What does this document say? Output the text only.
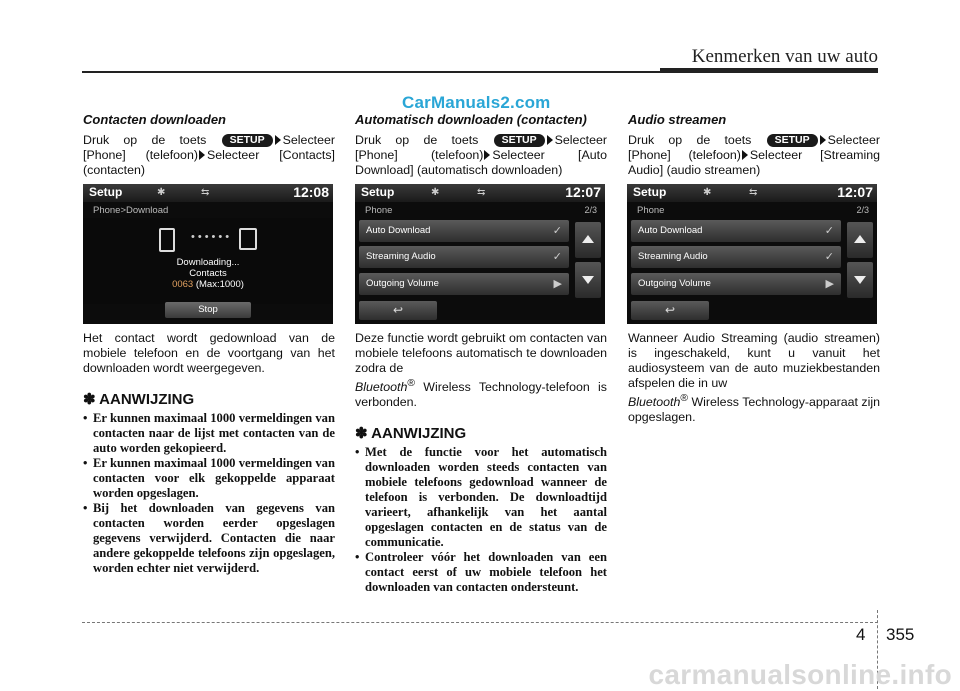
Kenmerken van uw auto
CarManuals2.com
Contacten downloaden
Druk op de toets SETUP Selecteer [Phone] (telefoon) Selecteer [Contacts] (contacten)
Setup	✱	⇆	12:08
Phone>Download
••••••
Downloading...
Contacts
0063 (Max:1000)
Stop
Het contact wordt gedownload van de mobiele telefoon en de voortgang van het downloaden wordt weergegeven.
✽ AANWIJZING
• Er kunnen maximaal 1000 vermeldingen van contacten naar de lijst met contacten van de auto worden gekopieerd.
• Er kunnen maximaal 1000 vermeldingen van contacten voor elk gekoppelde apparaat worden opgeslagen.
• Bij het downloaden van gegevens van contacten worden eerder opgeslagen gegevens verwijderd. Contacten die naar andere gekoppelde telefoons zijn opgeslagen, worden echter niet verwijderd.
Automatisch downloaden (contacten)
Druk op de toets SETUP Selecteer [Phone] (telefoon) Selecteer [Auto Download] (automatisch downloaden)
Setup	✱	⇆	12:07
Phone	2/3
Auto Download	✓
Streaming Audio	✓
Outgoing Volume	▶
↩
Deze functie wordt gebruikt om contacten van mobiele telefoons automatisch te downloaden zodra de
Bluetooth® Wireless Technology-telefoon is verbonden.
✽ AANWIJZING
• Met de functie voor het automatisch downloaden worden steeds contacten van mobiele telefoons gedownload wanneer de telefoon is verbonden. De downloadtijd varieert, afhankelijk van het aantal opgeslagen contacten en de status van de communicatie.
• Controleer vóór het downloaden van een contact eerst of uw mobiele telefoon het downloaden van contacten ondersteunt.
Audio streamen
Druk op de toets SETUP Selecteer [Phone] (telefoon) Selecteer [Streaming Audio] (audio streamen)
Setup	✱	⇆	12:07
Phone	2/3
Auto Download	✓
Streaming Audio	✓
Outgoing Volume	▶
↩
Wanneer Audio Streaming (audio streamen) is ingeschakeld, kunt u vanuit het audiosysteem van de auto muziekbestanden afspelen die in uw
Bluetooth® Wireless Technology-apparaat zijn opgeslagen.
4 355
carmanualsonline.info
